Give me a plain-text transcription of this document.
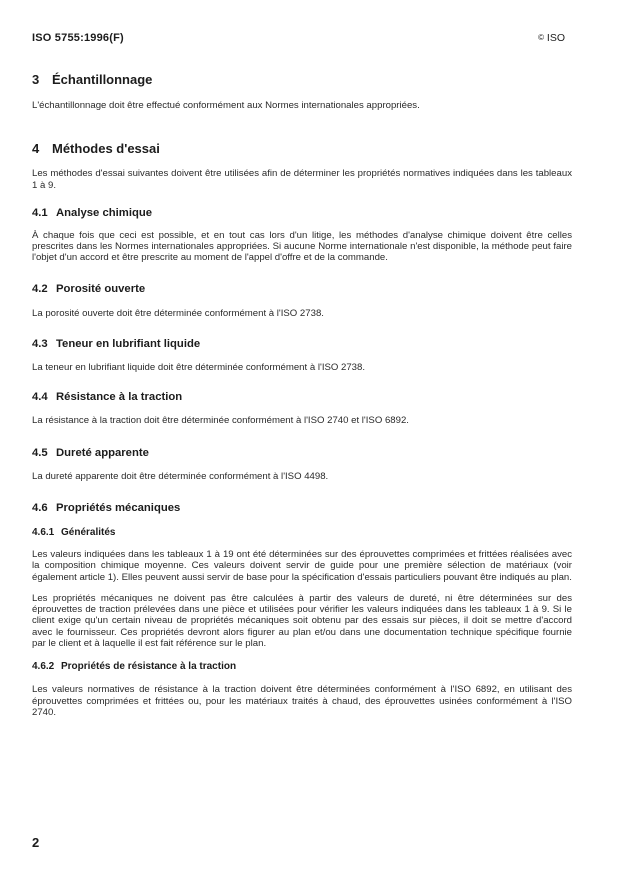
ISO 5755:1996(F)	© ISO
3 Échantillonnage

L'échantillonnage doit être effectué conformément aux Normes internationales appropriées.

4 Méthodes d'essai

Les méthodes d'essai suivantes doivent être utilisées afin de déterminer les propriétés normatives indiquées dans les tableaux 1 à 9.

4.1 Analyse chimique

À chaque fois que ceci est possible, et en tout cas lors d'un litige, les méthodes d'analyse chimique doivent être celles prescrites dans les Normes internationales appropriées. Si aucune Norme internationale n'est disponible, la méthode peut faire l'objet d'un accord et être prescrite au moment de l'appel d'offre et de la commande.

4.2 Porosité ouverte

La porosité ouverte doit être déterminée conformément à l'ISO 2738.

4.3 Teneur en lubrifiant liquide

La teneur en lubrifiant liquide doit être déterminée conformément à l'ISO 2738.

4.4 Résistance à la traction

La résistance à la traction doit être déterminée conformément à l'ISO 2740 et l'ISO 6892.

4.5 Dureté apparente

La dureté apparente doit être déterminée conformément à l'ISO 4498.

4.6 Propriétés mécaniques
4.6.1 Généralités

Les valeurs indiquées dans les tableaux 1 à 19 ont été déterminées sur des éprouvettes comprimées et frittées réalisées avec la composition chimique moyenne. Ces valeurs doivent servir de guide pour une première sélection de matériaux (voir également article 1). Elles peuvent aussi servir de base pour la spécification d'essais particuliers pouvant être indiqués au plan.

Les propriétés mécaniques ne doivent pas être calculées à partir des valeurs de dureté, ni être déterminées sur des éprouvettes de traction prélevées dans une pièce et utilisées pour vérifier les valeurs indiquées dans les tableaux 1 à 9. Si le client exige qu'un certain niveau de propriétés mécaniques soit obtenu par des essais sur pièces, il doit se mettre d'accord avec le fournisseur. Ces propriétés devront alors figurer au plan et/ou dans une documentation technique spécifique fournie par le client et à laquelle il est fait référence sur le plan.

4.6.2 Propriétés de résistance à la traction

Les valeurs normatives de résistance à la traction doivent être déterminées conformément à l'ISO 6892, en utilisant des éprouvettes comprimées et frittées ou, pour les matériaux traités à chaud, des éprouvettes usinées conformément à l'ISO 2740.

2
